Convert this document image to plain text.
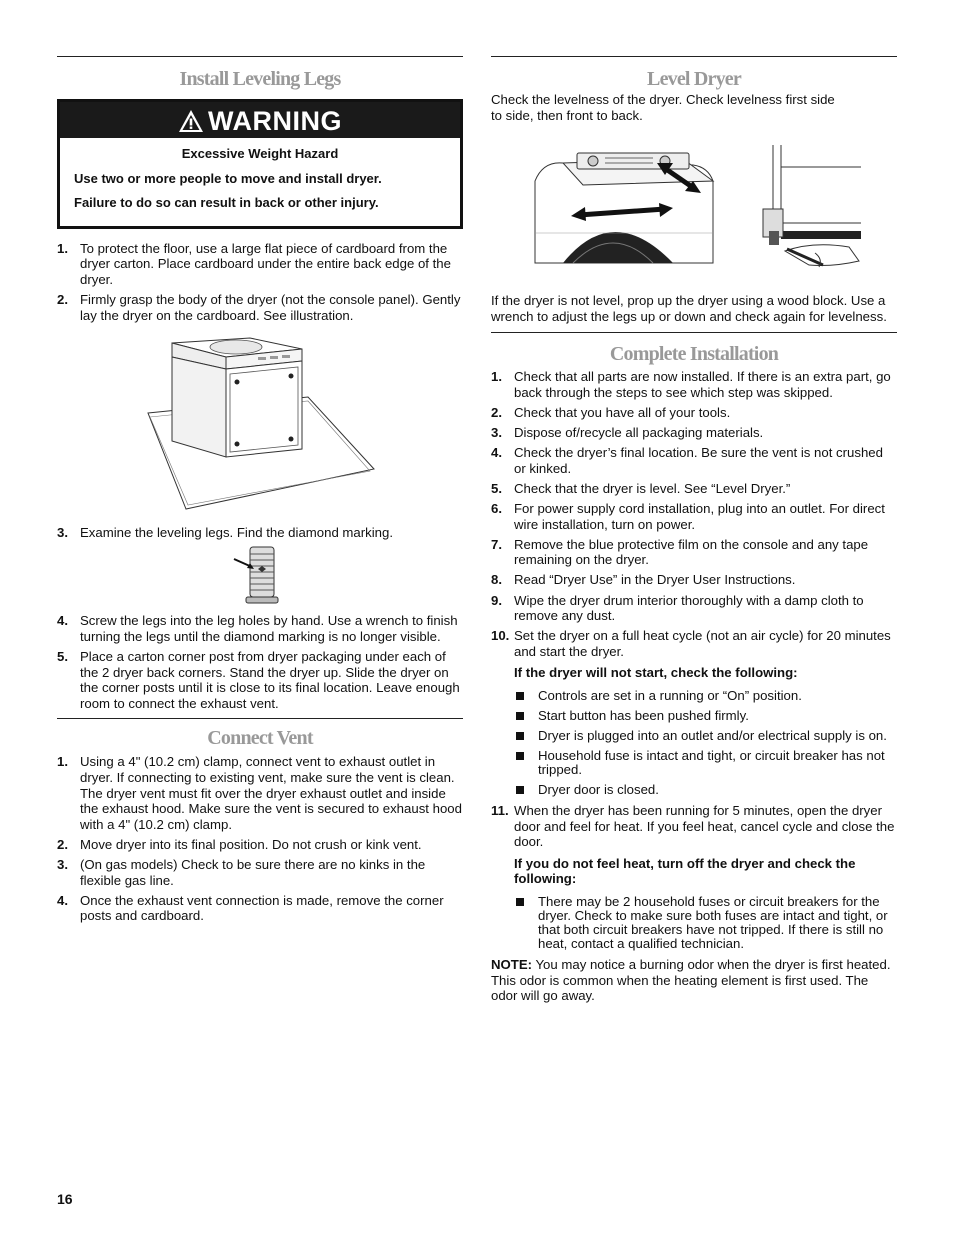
Install Leveling Legs
WARNING

Excessive Weight Hazard

Use two or more people to move and install dryer.

Failure to do so can result in back or other injury.

1. To protect the floor, use a large flat piece of cardboard from the dryer carton. Place cardboard under the entire back edge of the dryer.
2. Firmly grasp the body of the dryer (not the console panel). Gently lay the dryer on the cardboard. See illustration.
3. Examine the leveling legs. Find the diamond marking.
4. Screw the legs into the leg holes by hand. Use a wrench to finish turning the legs until the diamond marking is no longer visible.
5. Place a carton corner post from dryer packaging under each of the 2 dryer back corners. Stand the dryer up. Slide the dryer on the corner posts until it is close to its final location. Leave enough room to connect the exhaust vent.
Connect Vent
1. Using a 4" (10.2 cm) clamp, connect vent to exhaust outlet in dryer. If connecting to existing vent, make sure the vent is clean. The dryer vent must fit over the dryer exhaust outlet and inside the exhaust hood. Make sure the vent is secured to exhaust hood with a 4" (10.2 cm) clamp.
2. Move dryer into its final position. Do not crush or kink vent.
3. (On gas models) Check to be sure there are no kinks in the flexible gas line.
4. Once the exhaust vent connection is made, remove the corner posts and cardboard.
Level Dryer

Check the levelness of the dryer. Check levelness first side to side, then front to back.

If the dryer is not level, prop up the dryer using a wood block. Use a wrench to adjust the legs up or down and check again for levelness.

Complete Installation
1. Check that all parts are now installed. If there is an extra part, go back through the steps to see which step was skipped.
2. Check that you have all of your tools.
3. Dispose of/recycle all packaging materials.
4. Check the dryer’s final location. Be sure the vent is not crushed or kinked.
5. Check that the dryer is level. See “Level Dryer.”
6. For power supply cord installation, plug into an outlet. For direct wire installation, turn on power.
7. Remove the blue protective film on the console and any tape remaining on the dryer.
8. Read “Dryer Use” in the Dryer User Instructions.
9. Wipe the dryer drum interior thoroughly with a damp cloth to remove any dust.
10. Set the dryer on a full heat cycle (not an air cycle) for 20 minutes and start the dryer.

If the dryer will not start, check the following:

Controls are set in a running or “On” position.
Start button has been pushed firmly.
Dryer is plugged into an outlet and/or electrical supply is on.
Household fuse is intact and tight, or circuit breaker has not tripped.
Dryer door is closed.
11. When the dryer has been running for 5 minutes, open the dryer door and feel for heat. If you feel heat, cancel cycle and close the door.

If you do not feel heat, turn off the dryer and check the following:

There may be 2 household fuses or circuit breakers for the dryer. Check to make sure both fuses are intact and tight, or that both circuit breakers have not tripped. If there is still no heat, contact a qualified technician.

NOTE: You may notice a burning odor when the dryer is first heated. This odor is common when the heating element is first used. The odor will go away.

16
